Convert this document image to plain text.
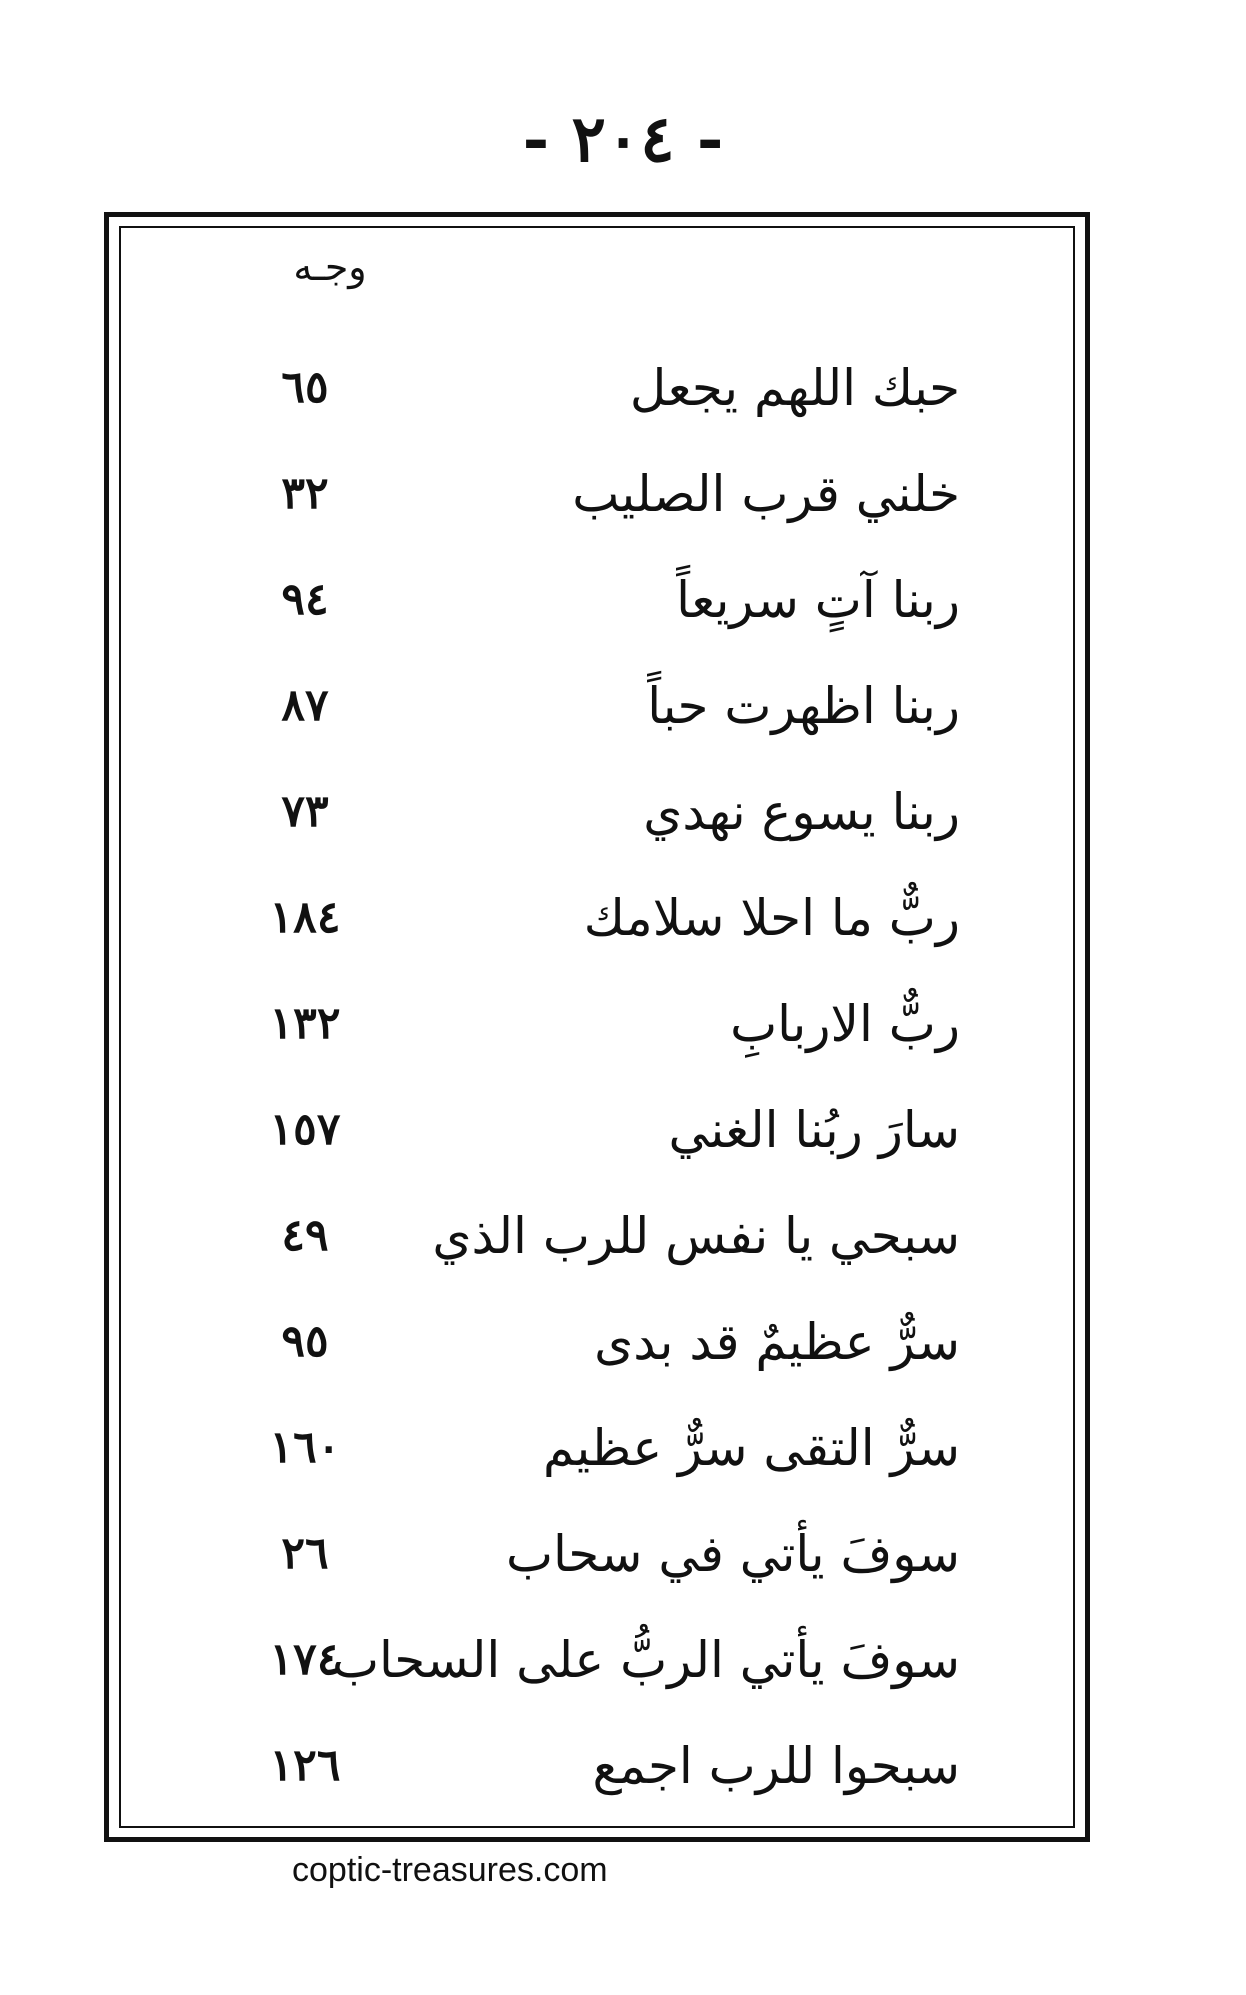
- ٢٠٤ -
وجـه
حبك اللهم يجعل
٦٥
خلني قرب الصليب
٣٢
ربنا آتٍ سريعاً
٩٤
ربنا اظهرت حباً
٨٧
ربنا يسوع نهدي
٧٣
ربٌّ ما احلا سلامك
١٨٤
ربٌّ الاربابِ
١٣٢
سارَ ربُنا الغني
١٥٧
سبحي يا نفس للرب الذي
٤٩
سرٌّ عظيمٌ قد بدى
٩٥
سرٌّ التقى سرٌّ عظيم
١٦٠
سوفَ يأتي في سحاب
٢٦
سوفَ يأتي الربُّ على السحاب
١٧٤
سبحوا للرب اجمع
١٢٦
coptic-treasures.com
